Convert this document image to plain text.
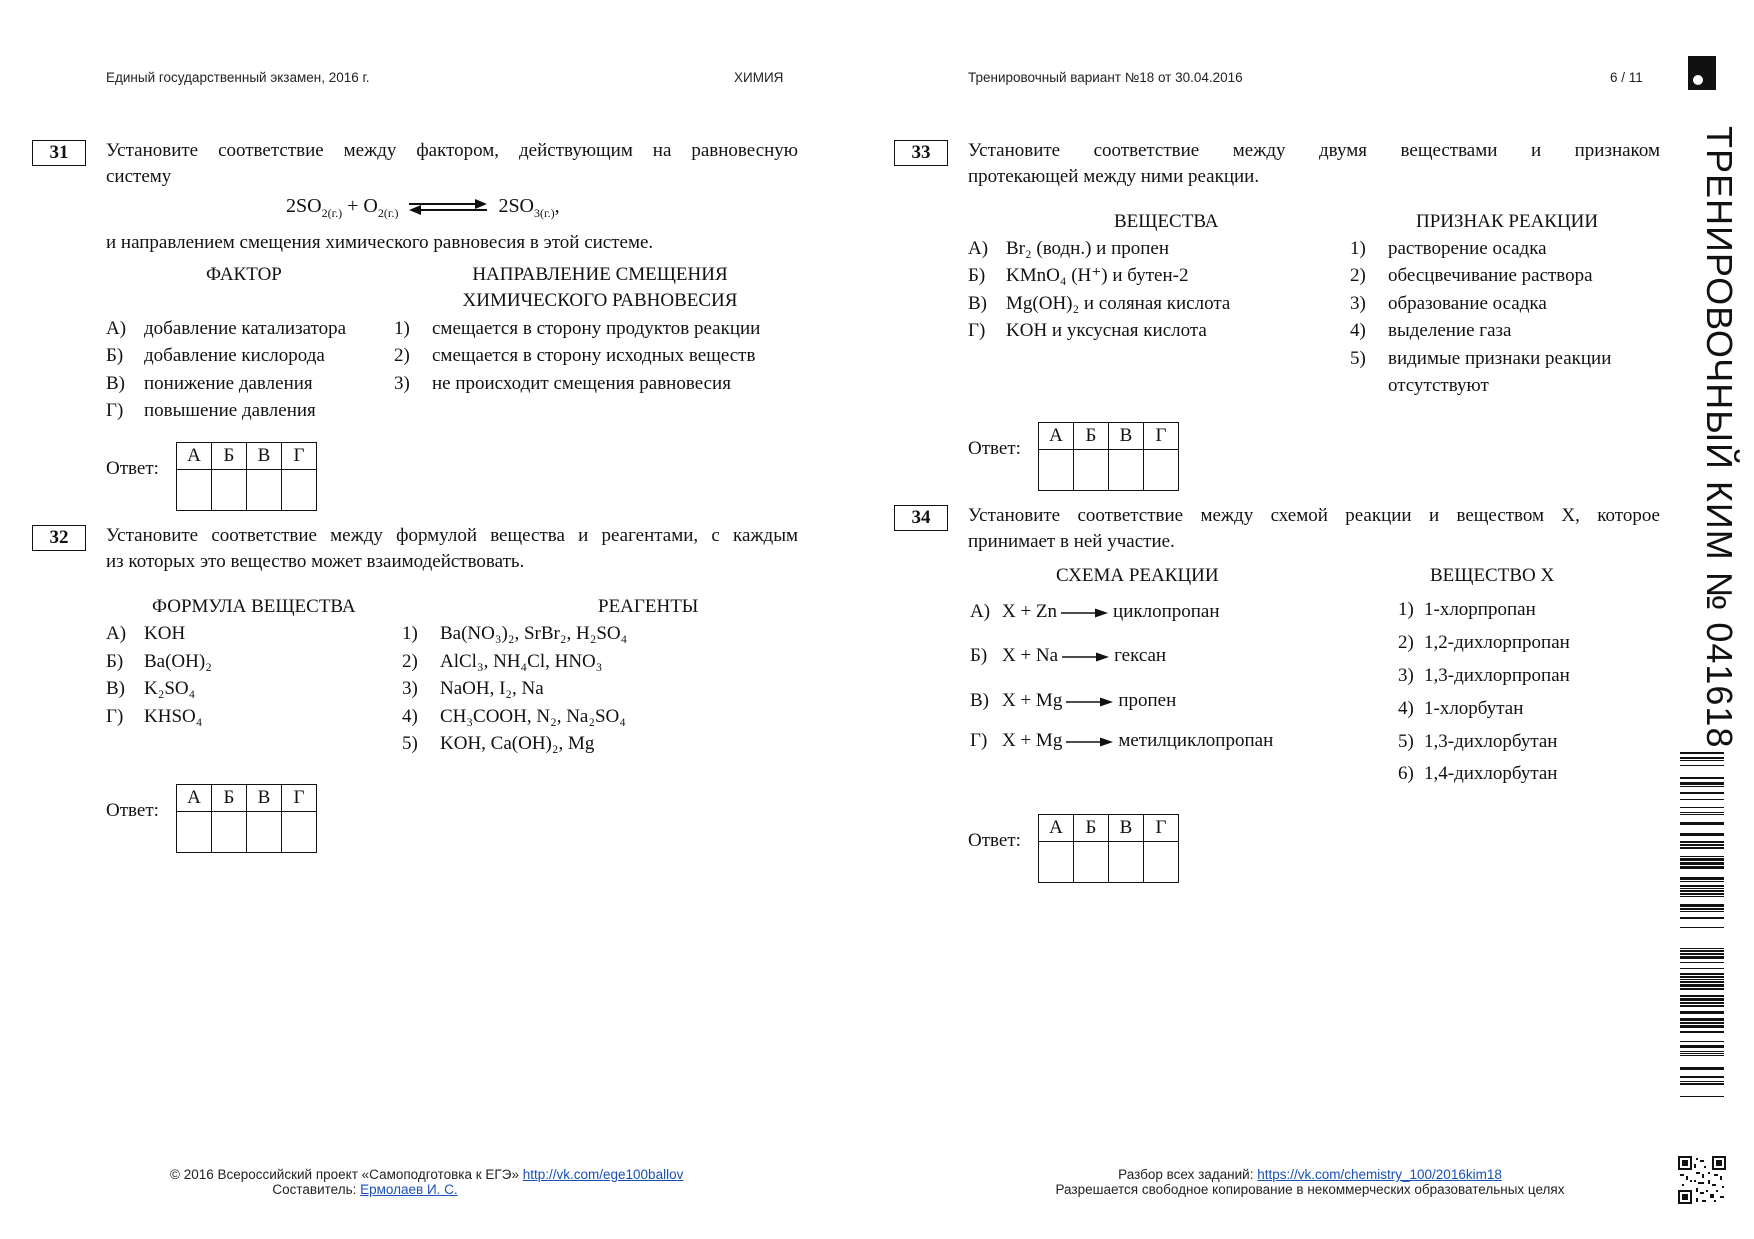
Единый государственный экзамен, 2016 г.	ХИМИЯ	Тренировочный вариант №18 от 30.04.2016	6 / 11
ТРЕНИРОВОЧНЫЙ КИМ № 041618
31	Установите соответствие между фактором, действующим на равновесную
систему
$2SO_{2(г.)} + O_{2(г.)}$	$2SO_{3(г.)}$,
и направлением смещения химического равновесия в этой системе.
ФАКТОР	НАПРАВЛЕНИЕ СМЕЩЕНИЯ
ХИМИЧЕСКОГО РАВНОВЕСИЯ
А) добавление катализатора
Б) добавление кислорода
В) понижение давления
Г) повышение давления
1) смещается в сторону продуктов реакции
2) смещается в сторону исходных веществ
3) не происходит смещения равновесия
Ответ:
А	Б	В	Г

32	Установите соответствие между формулой вещества и реагентами, с каждым
из которых это вещество может взаимодействовать.
ФОРМУЛА ВЕЩЕСТВА	РЕАГЕНТЫ
А) KOH
Б) Ba(OH)₂
В) K₂SO₄
Г) KHSO₄
1) Ba(NO₃)₂, SrBr₂, H₂SO₄
2) AlCl₃, NH₄Cl, HNO₃
3) NaOH, I₂, Na
4) CH₃COOH, N₂, Na₂SO₄
5) KOH, Ca(OH)₂, Mg
Ответ:
А	Б	В	Г

33	Установите соответствие между двумя веществами и признаком
протекающей между ними реакции.
ВЕЩЕСТВА	ПРИЗНАК РЕАКЦИИ
А) Br₂ (водн.) и пропен
Б) KMnO₄ (H⁺) и бутен-2
В) Mg(OH)₂ и соляная кислота
Г) KOH и уксусная кислота
1) растворение осадка
2) обесцвечивание раствора
3) образование осадка
4) выделение газа
5) видимые признаки реакции
отсутствуют
Ответ:
А	Б	В	Г

34	Установите соответствие между схемой реакции и веществом X, которое
принимает в ней участие.
СХЕМА РЕАКЦИИ	ВЕЩЕСТВО X
А) X + Zn → циклопропан
Б) X + Na → гексан
В) X + Mg → пропен
Г) X + Mg → метилциклопропан
1) 1-хлорпропан
2) 1,2-дихлорпропан
3) 1,3-дихлорпропан
4) 1-хлорбутан
5) 1,3-дихлорбутан
6) 1,4-дихлорбутан
Ответ:
А	Б	В	Г

© 2016 Всероссийский проект «Самоподготовка к ЕГЭ» http://vk.com/ege100ballov
Составитель: Ермолаев И. С.
Разбор всех заданий: https://vk.com/chemistry_100/2016kim18
Разрешается свободное копирование в некоммерческих образовательных целях
